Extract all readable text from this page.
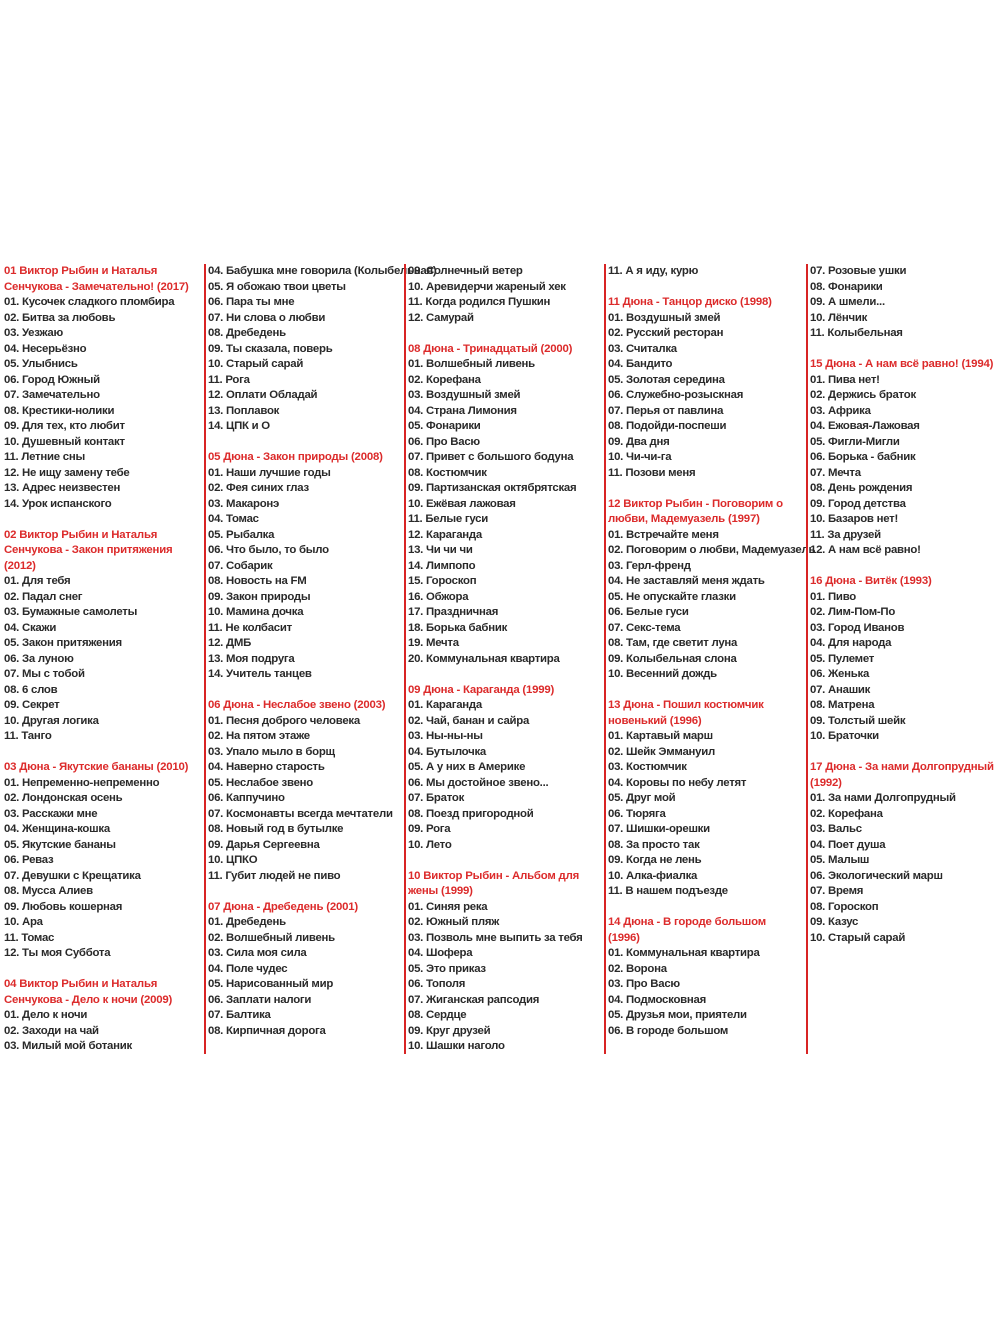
01 Виктор Рыбин и Наталья Сенчукова - Замечательно! (2017)
01. Кусочек сладкого пломбира
02. Битва за любовь
03. Уезжаю
04. Несерьёзно
05. Улыбнись
06. Город Южный
07. Замечательно
08. Крестики-нолики
09. Для тех, кто любит
10. Душевный контакт
11. Летние сны
12. Не ищу замену тебе
13. Адрес неизвестен
14. Урок испанского
02 Виктор Рыбин и Наталья Сенчукова - Закон притяжения (2012)
01. Для тебя
02. Падал снег
03. Бумажные самолеты
04. Скажи
05. Закон притяжения
06. За луною
07. Мы с тобой
08. 6 слов
09. Секрет
10. Другая логика
11. Танго
03 Дюна - Якутские бананы (2010)
01. Непременно-непременно
02. Лондонская осень
03. Расскажи мне
04. Женщина-кошка
05. Якутские бананы
06. Реваз
07. Девушки с Крещатика
08. Мусса Алиев
09. Любовь кошерная
10. Ара
11. Томас
12. Ты моя Суббота
04 Виктор Рыбин и Наталья Сенчукова - Дело к ночи (2009)
01. Дело к ночи
02. Заходи на чай
03. Милый мой ботаник
04. Бабушка мне говорила (Колыбельная)
05. Я обожаю твои цветы
06. Пара ты мне
07. Ни слова о любви
08. Дребедень
09. Ты сказала, поверь
10. Старый сарай
11. Рога
12. Оплати Обладай
13. Поплавок
14. ЦПК и О
05 Дюна - Закон природы (2008)
01. Наши лучшие годы
02. Фея синих глаз
03. Макаронэ
04. Томас
05. Рыбалка
06. Что было, то было
07. Собарик
08. Новость на FM
09. Закон природы
10. Мамина дочка
11. Не колбасит
12. ДМБ
13. Моя подруга
14. Учитель танцев
06 Дюна - Неслабое звено (2003)
01. Песня доброго человека
02. На пятом этаже
03. Упало мыло в борщ
04. Наверно старость
05. Неслабое звено
06. Каппучино
07. Космонавты всегда мечтатели
08. Новый год в бутылке
09. Дарья Сергеевна
10. ЦПКО
11. Губит людей не пиво
07 Дюна - Дребедень (2001)
01. Дребедень
02. Волшебный ливень
03. Сила моя сила
04. Поле чудес
05. Нарисованный мир
06. Заплати налоги
07. Балтика
08. Кирпичная дорога
09. Солнечный ветер
10. Аревидерчи жареный хек
11. Когда родился Пушкин
12. Самурай
08 Дюна - Тринадцатый (2000)
01. Волшебный ливень
02. Корефана
03. Воздушный змей
04. Страна Лимония
05. Фонарики
06. Про Васю
07. Привет с большого бодуна
08. Костюмчик
09. Партизанская октябрятская
10. Ежёвая лажовая
11. Белые гуси
12. Караганда
13. Чи чи чи
14. Лимпопо
15. Гороскоп
16. Обжора
17. Праздничная
18. Борька бабник
19. Мечта
20. Коммунальная квартира
09 Дюна - Караганда (1999)
01. Караганда
02. Чай, банан и сайра
03. Ны-ны-ны
04. Бутылочка
05. А у них в Америке
06. Мы достойное звено...
07. Браток
08. Поезд пригородной
09. Рога
10. Лето
10 Виктор Рыбин - Альбом для жены (1999)
01. Синяя река
02. Южный пляж
03. Позволь мне выпить за тебя
04. Шофера
05. Это приказ
06. Тополя
07. Жиганская рапсодия
08. Сердце
09. Круг друзей
10. Шашки наголо
11. А я иду, курю
11 Дюна - Танцор диско (1998)
01. Воздушный змей
02. Русский ресторан
03. Считалка
04. Бандито
05. Золотая середина
06. Служебно-розыскная
07. Перья от павлина
08. Подойди-поспеши
09. Два дня
10. Чи-чи-га
11. Позови меня
12 Виктор Рыбин - Поговорим о любви, Мадемуазель (1997)
01. Встречайте меня
02. Поговорим о любви, Мадемуазель
03. Герл-френд
04. Не заставляй меня ждать
05. Не опускайте глазки
06. Белые гуси
07. Секс-тема
08. Там, где светит луна
09. Колыбельная слона
10. Весенний дождь
13 Дюна - Пошил костюмчик новенький (1996)
01. Картавый марш
02. Шейк Эммануил
03. Костюмчик
04. Коровы по небу летят
05. Друг мой
06. Тюряга
07. Шишки-орешки
08. За просто так
09. Когда не лень
10. Алка-фиалка
11. В нашем подъезде
14 Дюна - В городе большом (1996)
01. Коммунальная квартира
02. Ворона
03. Про Васю
04. Подмосковная
05. Друзья мои, приятели
06. В городе большом
07. Розовые ушки
08. Фонарики
09. А шмели...
10. Лёнчик
11. Колыбельная
15 Дюна - А нам всё равно! (1994)
01. Пива нет!
02. Держись браток
03. Африка
04. Ежовая-Лажовая
05. Фигли-Мигли
06. Борька - бабник
07. Мечта
08. День рождения
09. Город детства
10. Базаров нет!
11. За друзей
12. А нам всё равно!
16 Дюна - Витёк (1993)
01. Пиво
02. Лим-Пом-По
03. Город Иванов
04. Для народа
05. Пулемет
06. Женька
07. Анашик
08. Матрена
09. Толстый шейк
10. Браточки
17 Дюна - За нами Долгопрудный (1992)
01. За нами Долгопрудный
02. Корефана
03. Вальс
04. Поет душа
05. Малыш
06. Экологический марш
07. Время
08. Гороскоп
09. Казус
10. Старый сарай
